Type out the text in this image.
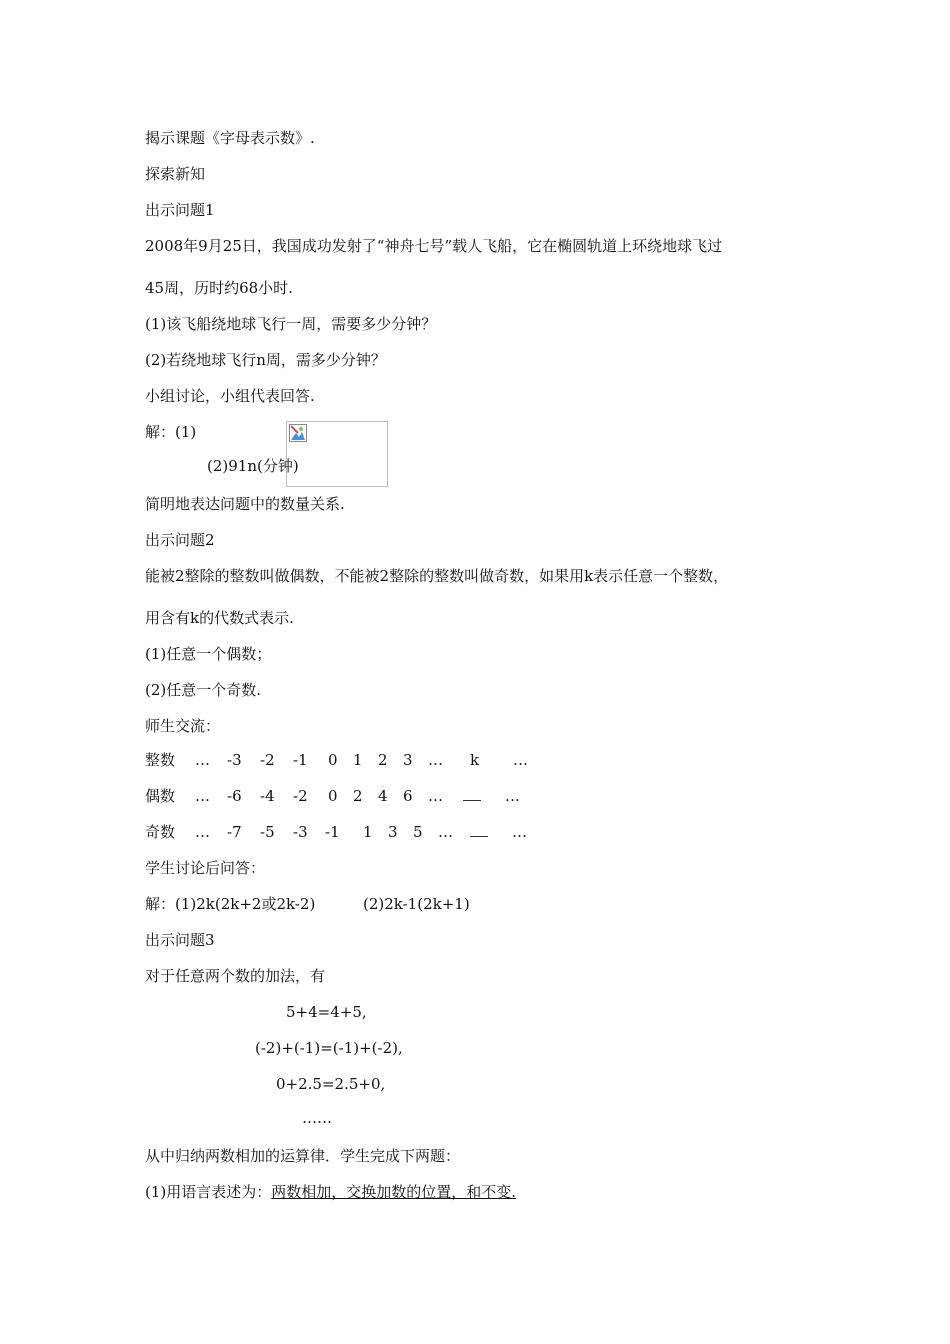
揭示课题《字母表示数》.
探索新知
出示问题1
2008年9月25日，我国成功发射了“神舟七号”载人飞船，它在椭圆轨道上环绕地球飞过
45周，历时约68小时.
(1)该飞船绕地球飞行一周，需要多少分钟？
(2)若绕地球飞行n周，需多少分钟？
小组讨论，小组代表回答.
解：(1)
(2)91n(分钟)
简明地表达问题中的数量关系.
出示问题2
能被2整除的整数叫做偶数，不能被2整除的整数叫做奇数，如果用k表示任意一个整数，
用含有k的代数式表示.
(1)任意一个偶数；
(2)任意一个奇数.
师生交流：
整数 … -3 -2 -1 0 1 2 3 … k …
偶数 … -6 -4 -2 0 2 4 6 …	…
奇数 … -7 -5 -3 -1 1 3 5 …	…
学生讨论后问答：
解：(1)2k(2k+2或2k-2)	(2)2k-1(2k+1)
出示问题3
对于任意两个数的加法，有
5+4=4+5,
(-2)+(-1)=(-1)+(-2),
0+2.5=2.5+0,
……
从中归纳两数相加的运算律．学生完成下两题：
(1)用语言表述为：两数相加，交换加数的位置，和不变.
